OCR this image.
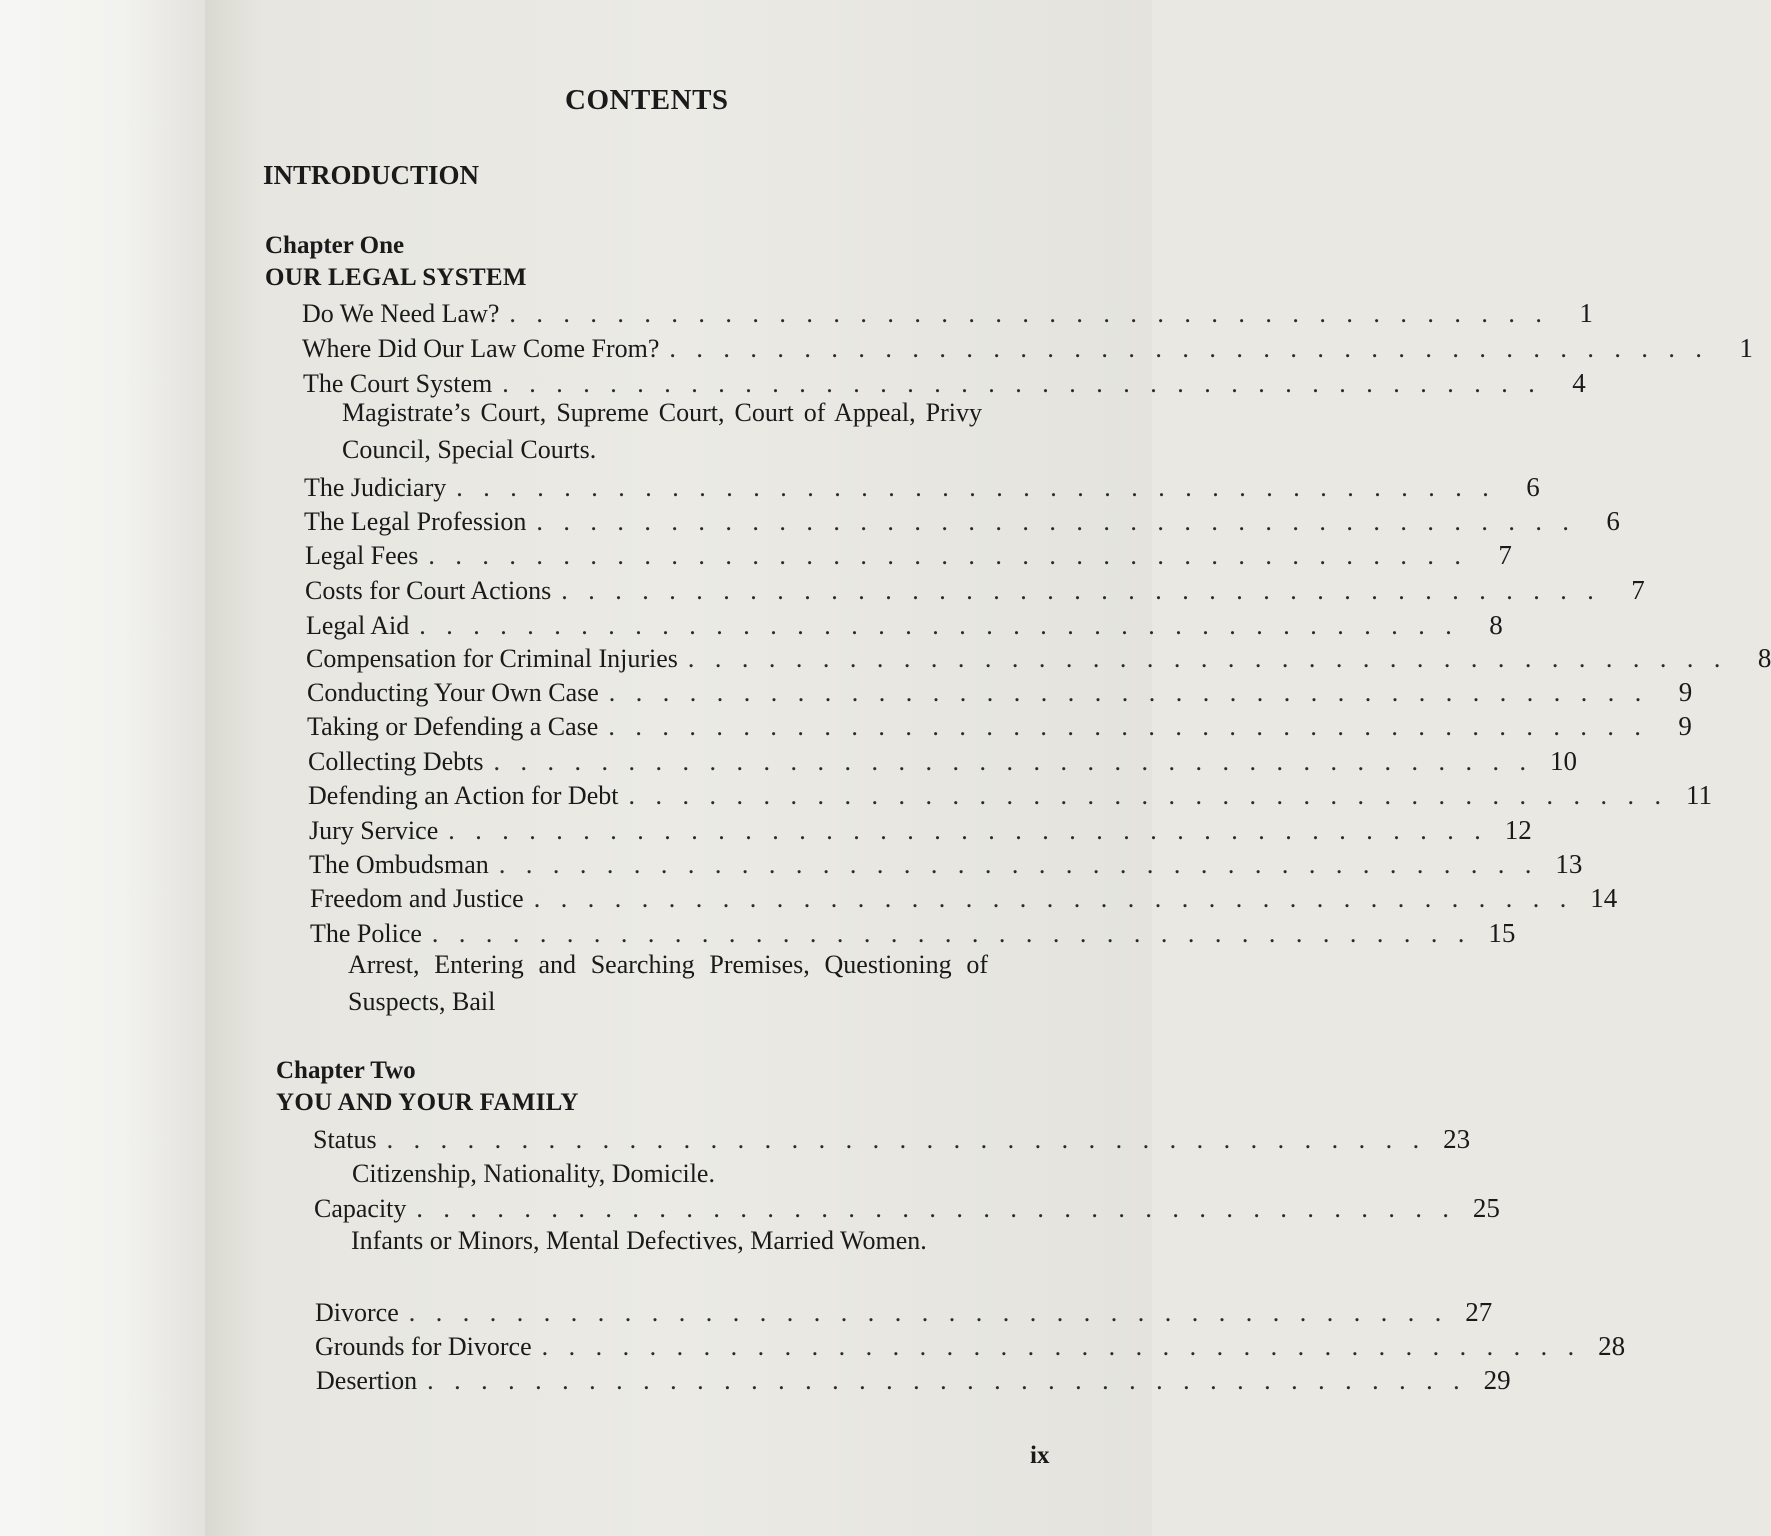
CONTENTS
INTRODUCTION
Chapter One
OUR LEGAL SYSTEM
Do We Need Law? . . . . . . . . . . . . . . . . . . . . . . . . . . . . . . . . . . . . . . .	1
Where Did Our Law Come From? . . . . . . . . . . . . . . . . . . . . . . . . . . . . . . . . . . . . . . .	1
The Court System . . . . . . . . . . . . . . . . . . . . . . . . . . . . . . . . . . . . . . .	4
Magistrate’s Court, Supreme Court, Court of Appeal, Privy Council, Special Courts.
The Judiciary . . . . . . . . . . . . . . . . . . . . . . . . . . . . . . . . . . . . . . .	6
The Legal Profession . . . . . . . . . . . . . . . . . . . . . . . . . . . . . . . . . . . . . . .	6
Legal Fees . . . . . . . . . . . . . . . . . . . . . . . . . . . . . . . . . . . . . . .	7
Costs for Court Actions . . . . . . . . . . . . . . . . . . . . . . . . . . . . . . . . . . . . . . .	7
Legal Aid . . . . . . . . . . . . . . . . . . . . . . . . . . . . . . . . . . . . . . .	8
Compensation for Criminal Injuries . . . . . . . . . . . . . . . . . . . . . . . . . . . . . . . . . . . . . . .	8
Conducting Your Own Case . . . . . . . . . . . . . . . . . . . . . . . . . . . . . . . . . . . . . . .	9
Taking or Defending a Case . . . . . . . . . . . . . . . . . . . . . . . . . . . . . . . . . . . . . . .	9
Collecting Debts . . . . . . . . . . . . . . . . . . . . . . . . . . . . . . . . . . . . . . . 10
Defending an Action for Debt . . . . . . . . . . . . . . . . . . . . . . . . . . . . . . . . . . . . . . . 11
Jury Service . . . . . . . . . . . . . . . . . . . . . . . . . . . . . . . . . . . . . . . 12
The Ombudsman . . . . . . . . . . . . . . . . . . . . . . . . . . . . . . . . . . . . . . . 13
Freedom and Justice . . . . . . . . . . . . . . . . . . . . . . . . . . . . . . . . . . . . . . . 14
The Police . . . . . . . . . . . . . . . . . . . . . . . . . . . . . . . . . . . . . . . 15
Arrest, Entering and Searching Premises, Questioning of Suspects, Bail
Chapter Two
YOU AND YOUR FAMILY
Status . . . . . . . . . . . . . . . . . . . . . . . . . . . . . . . . . . . . . . . 23
Citizenship, Nationality, Domicile.
Capacity . . . . . . . . . . . . . . . . . . . . . . . . . . . . . . . . . . . . . . . 25
Infants or Minors, Mental Defectives, Married Women.
Divorce . . . . . . . . . . . . . . . . . . . . . . . . . . . . . . . . . . . . . . . 27
Grounds for Divorce . . . . . . . . . . . . . . . . . . . . . . . . . . . . . . . . . . . . . . . 28
Desertion . . . . . . . . . . . . . . . . . . . . . . . . . . . . . . . . . . . . . . . 29
ix
